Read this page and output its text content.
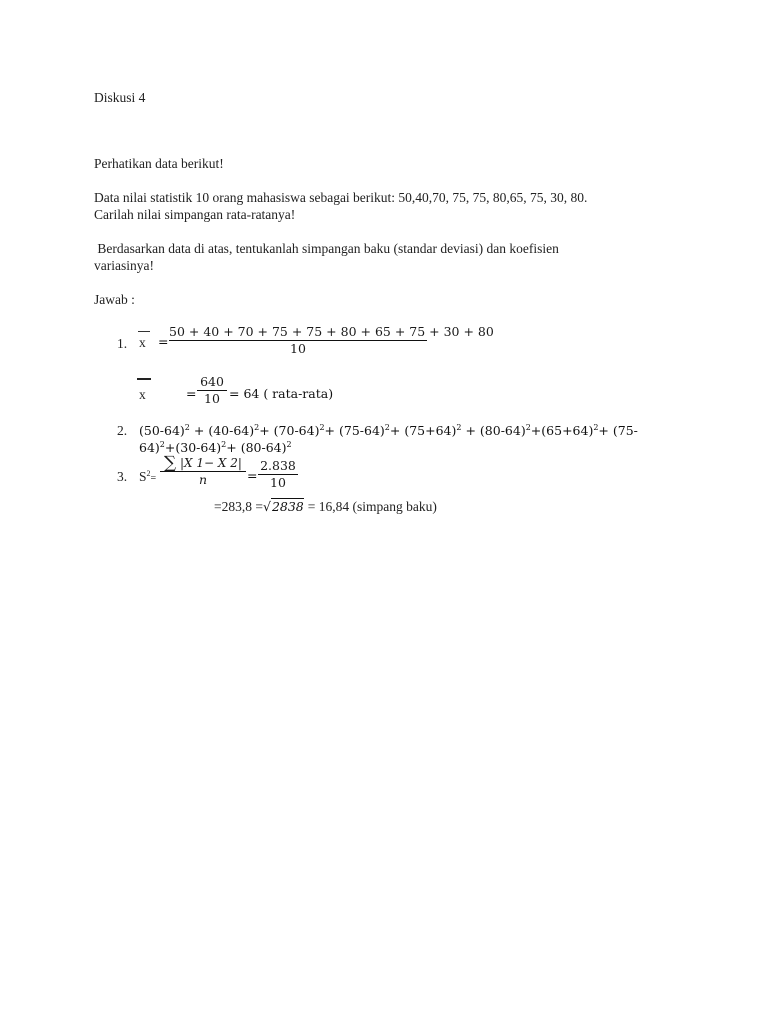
Diskusi 4
Perhatikan data berikut!
Data nilai statistik 10 orang mahasiswa sebagai berikut: 50,40,70, 75, 75, 80,65, 75, 30, 80.
Carilah nilai simpangan rata-ratanya!
Berdasarkan data di atas, tentukanlah simpangan baku (standar deviasi) dan koefisien
variasinya!
Jawab :
1. x =
50 + 40 + 70 + 75 + 75 + 80 + 65 + 75 + 30 + 80
10
x	=
640
10 = 64 ( rata-rata)
2. $(50-64)^2 + (40-64)^2+ (70-64)^2+ (75-64)^2+ (75+64)^2 + (80-64)^2+(65+64)^2+ (75-$
$64)^2+(30-64)^2+ (80-64)^2$
3. $S^2=$
∑ |X 1− X 2|
n	=
2.838
10
=283,8 =√2838 = 16,84 (simpang baku)
